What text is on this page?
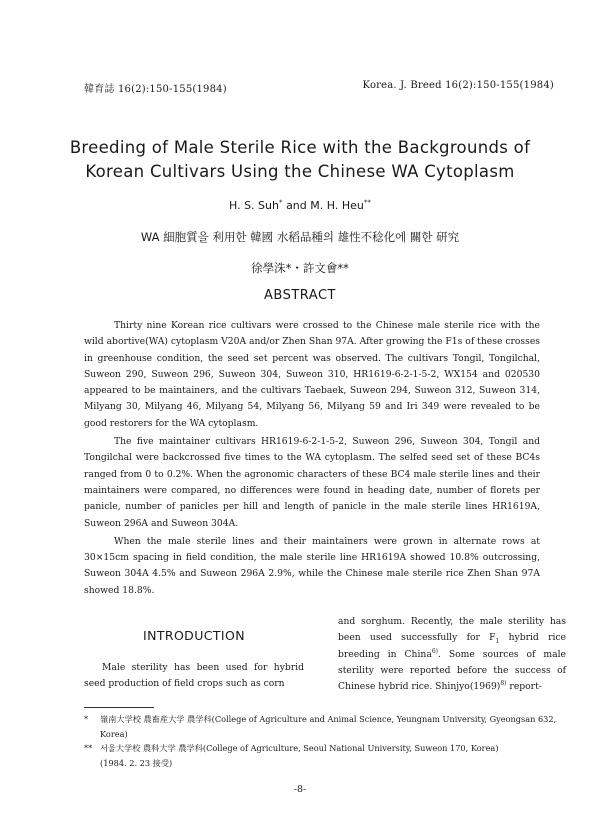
韓育誌 16(2):150-155(1984)	Korea. J. Breed 16(2):150-155(1984)
Breeding of Male Sterile Rice with the Backgrounds of
Korean Cultivars Using the Chinese WA Cytoplasm
H. S. Suh* and M. H. Heu**
WA 細胞質을 利用한 韓國 水稻品種의 雄性不稔化에 關한 研究
徐學洙*・許文會**
ABSTRACT

Thirty nine Korean rice cultivars were crossed to the Chinese male sterile rice with the wild abortive(WA) cytoplasm V20A and/or Zhen Shan 97A. After growing the F1s of these crosses in greenhouse condition, the seed set percent was observed. The cultivars Tongil, Tongilchal, Suweon 290, Suweon 296, Suweon 304, Suweon 310, HR1619-6-2-1-5-2, WX154 and 020530 appeared to be maintainers, and the cultivars Taebaek, Suweon 294, Suweon 312, Suweon 314, Milyang 30, Milyang 46, Milyang 54, Milyang 56, Milyang 59 and Iri 349 were revealed to be good restorers for the WA cytoplasm.

The five maintainer cultivars HR1619-6-2-1-5-2, Suweon 296, Suweon 304, Tongil and Tongilchal were backcrossed five times to the WA cytoplasm. The selfed seed set of these BC4s ranged from 0 to 0.2%. When the agronomic characters of these BC4 male sterile lines and their maintainers were compared, no differences were found in heading date, number of florets per panicle, number of panicles per hill and length of panicle in the male sterile lines HR1619A, Suweon 296A and Suweon 304A.

When the male sterile lines and their maintainers were grown in alternate rows at 30×15cm spacing in field condition, the male sterile line HR1619A showed 10.8% outcrossing, Suweon 304A 4.5% and Suweon 296A 2.9%, while the Chinese male sterile rice Zhen Shan 97A showed 18.8%.

INTRODUCTION

Male sterility has been used for hybrid seed production of field crops such as corn

and sorghum. Recently, the male sterility has been used successfully for $F_1$ hybrid rice breeding in China$^{6)}$. Some sources of male sterility were reported before the success of Chinese hybrid rice. $Shinjyo(1969)^{8)}$ report-

*	嶺南大学校 農畜産大学 農学科(College of Agriculture and Animal Science, Yeungnam University, Gyeongsan 632, Korea)
** 서울大学校 農科大学 農学科(College of Agriculture, Seoul National University, Suweon 170, Korea)
(1984. 2. 23 接受)
-8-
